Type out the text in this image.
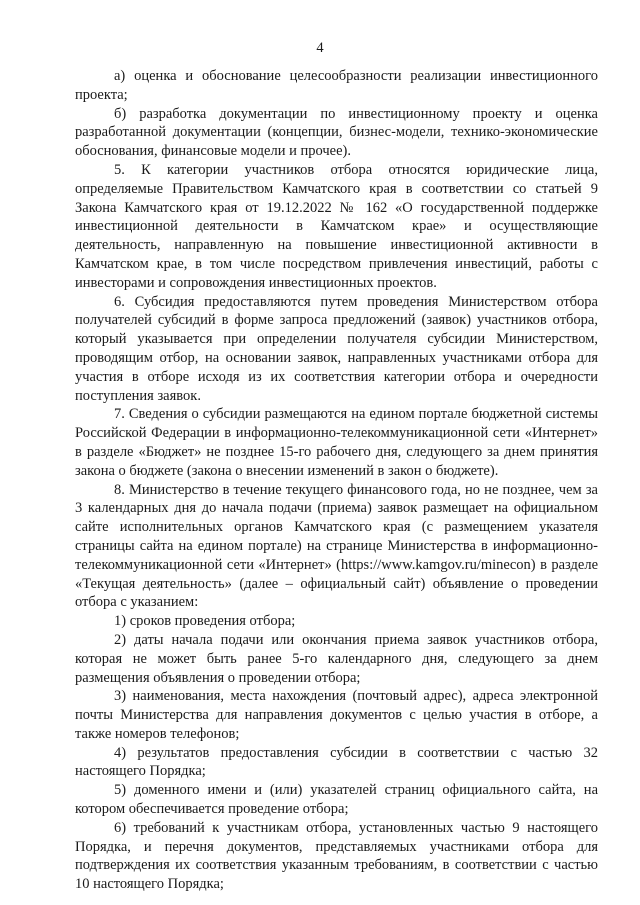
4

а) оценка и обоснование целесообразности реализации инвестиционного проекта;

б) разработка документации по инвестиционному проекту и оценка разработанной документации (концепции, бизнес-модели, технико-экономические обоснования, финансовые модели и прочее).

5. К категории участников отбора относятся юридические лица, определяемые Правительством Камчатского края в соответствии со статьей 9 Закона Камчатского края от 19.12.2022 № 162 «О государственной поддержке инвестиционной деятельности в Камчатском крае» и осуществляющие деятельность, направленную на повышение инвестиционной активности в Камчатском крае, в том числе посредством привлечения инвестиций, работы с инвесторами и сопровождения инвестиционных проектов.

6. Субсидия предоставляются путем проведения Министерством отбора получателей субсидий в форме запроса предложений (заявок) участников отбора, который указывается при определении получателя субсидии Министерством, проводящим отбор, на основании заявок, направленных участниками отбора для участия в отборе исходя из их соответствия категории отбора и очередности поступления заявок.

7. Сведения о субсидии размещаются на едином портале бюджетной системы Российской Федерации в информационно-телекоммуникационной сети «Интернет» в разделе «Бюджет» не позднее 15-го рабочего дня, следующего за днем принятия закона о бюджете (закона о внесении изменений в закон о бюджете).

8. Министерство в течение текущего финансового года, но не позднее, чем за 3 календарных дня до начала подачи (приема) заявок размещает на официальном сайте исполнительных органов Камчатского края (с размещением указателя страницы сайта на едином портале) на странице Министерства в информационно-телекоммуникационной сети «Интернет» (https://www.kamgov.ru/minecon) в разделе «Текущая деятельность» (далее – официальный сайт) объявление о проведении отбора с указанием:

1) сроков проведения отбора;

2) даты начала подачи или окончания приема заявок участников отбора, которая не может быть ранее 5-го календарного дня, следующего за днем размещения объявления о проведении отбора;

3) наименования, места нахождения (почтовый адрес), адреса электронной почты Министерства для направления документов с целью участия в отборе, а также номеров телефонов;

4) результатов предоставления субсидии в соответствии с частью 32 настоящего Порядка;

5) доменного имени и (или) указателей страниц официального сайта, на котором обеспечивается проведение отбора;

6) требований к участникам отбора, установленных частью 9 настоящего Порядка, и перечня документов, представляемых участниками отбора для подтверждения их соответствия указанным требованиям, в соответствии с частью 10 настоящего Порядка;
